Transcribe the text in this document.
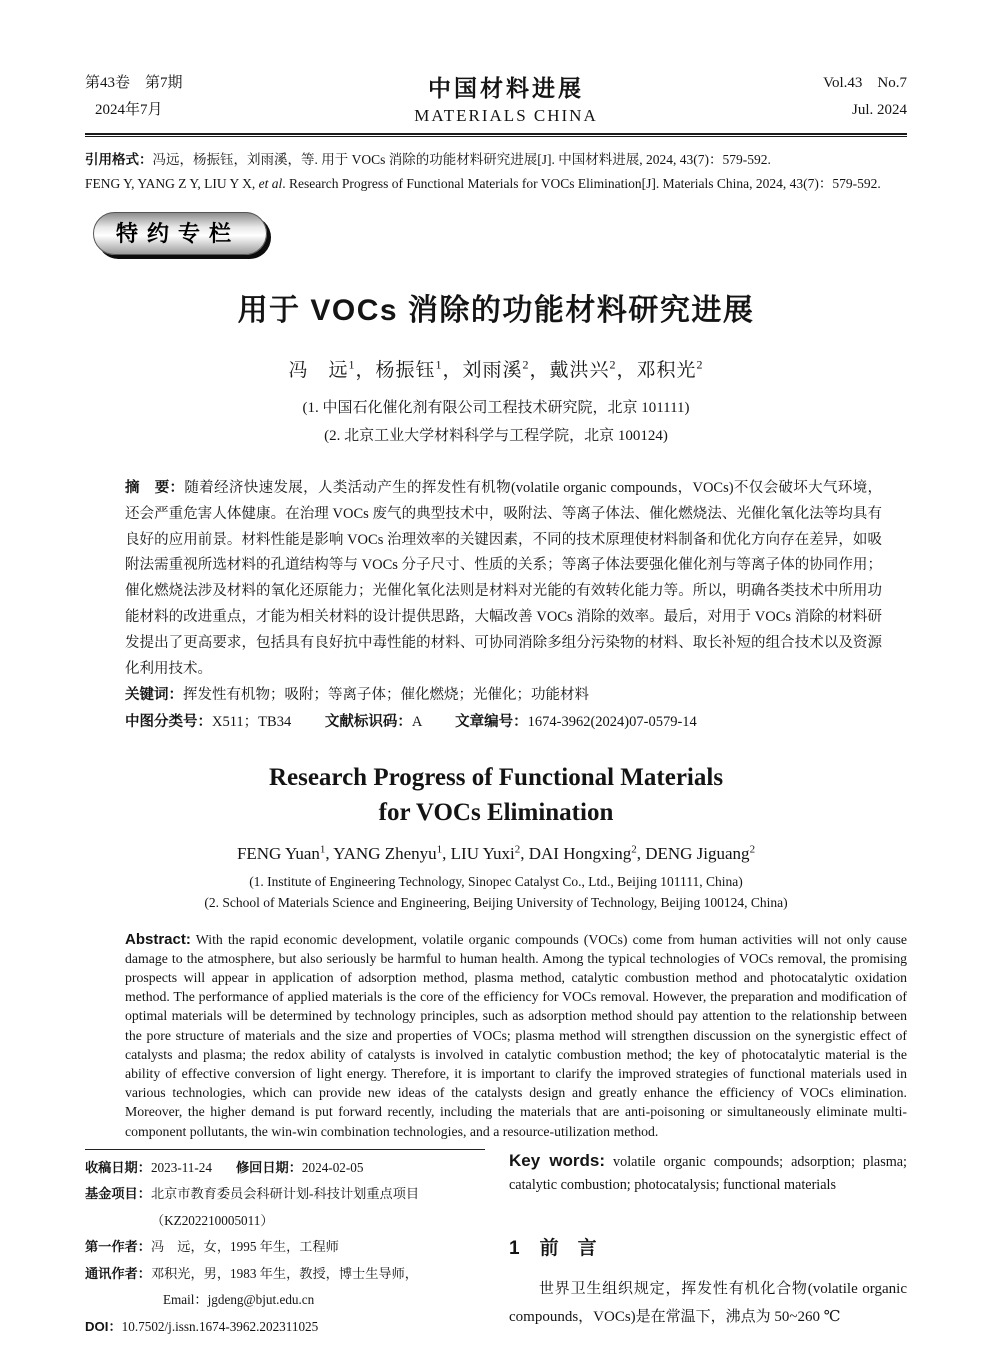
第43卷　第7期
2024年7月
中国材料进展
MATERIALS CHINA
Vol.43　No.7
Jul. 2024

引用格式：冯远，杨振钰，刘雨溪，等. 用于 VOCs 消除的功能材料研究进展[J]. 中国材料进展, 2024, 43(7)：579-592.

FENG Y, YANG Z Y, LIU Y X, et al. Research Progress of Functional Materials for VOCs Elimination[J]. Materials China, 2024, 43(7)：579-592.

特约专栏
用于 VOCs 消除的功能材料研究进展
冯　远$^1$，杨振钰$^1$，刘雨溪$^2$，戴洪兴$^2$，邓积光$^2$
(1. 中国石化催化剂有限公司工程技术研究院，北京 101111)
(2. 北京工业大学材料科学与工程学院，北京 100124)
摘　要：随着经济快速发展，人类活动产生的挥发性有机物(volatile organic compounds，VOCs)不仅会破坏大气环境，还会严重危害人体健康。在治理 VOCs 废气的典型技术中，吸附法、等离子体法、催化燃烧法、光催化氧化法等均具有良好的应用前景。材料性能是影响 VOCs 治理效率的关键因素，不同的技术原理使材料制备和优化方向存在差异，如吸附法需重视所选材料的孔道结构等与 VOCs 分子尺寸、性质的关系；等离子体法要强化催化剂与等离子体的协同作用；催化燃烧法涉及材料的氧化还原能力；光催化氧化法则是材料对光能的有效转化能力等。所以，明确各类技术中所用功能材料的改进重点，才能为相关材料的设计提供思路，大幅改善 VOCs 消除的效率。最后，对用于 VOCs 消除的材料研发提出了更高要求，包括具有良好抗中毒性能的材料、可协同消除多组分污染物的材料、取长补短的组合技术以及资源化利用技术。
关键词：挥发性有机物；吸附；等离子体；催化燃烧；光催化；功能材料
中图分类号：X511；TB34 文献标识码：A 文章编号：1674-3962(2024)07-0579-14
Research Progress of Functional Materials
for VOCs Elimination
FENG Yuan$^1$, YANG Zhenyu$^1$, LIU Yuxi$^2$, DAI Hongxing$^2$, DENG Jiguang$^2$
(1. Institute of Engineering Technology, Sinopec Catalyst Co., Ltd., Beijing 101111, China)
(2. School of Materials Science and Engineering, Beijing University of Technology, Beijing 100124, China)
Abstract: With the rapid economic development, volatile organic compounds (VOCs) come from human activities will not only cause damage to the atmosphere, but also seriously be harmful to human health. Among the typical technologies of VOCs removal, the promising prospects will appear in application of adsorption method, plasma method, catalytic combustion method and photocatalytic oxidation method. The performance of applied materials is the core of the efficiency for VOCs removal. However, the preparation and modification of optimal materials will be determined by technology principles, such as adsorption method should pay attention to the relationship between the pore structure of materials and the size and properties of VOCs; plasma method will strengthen discussion on the synergistic effect of catalysts and plasma; the redox ability of catalysts is involved in catalytic combustion method; the key of photocatalytic material is the ability of effective conversion of light energy. Therefore, it is important to clarify the improved strategies of functional materials used in various technologies, which can provide new ideas of the catalysts design and greatly enhance the efficiency of VOCs elimination. Moreover, the higher demand is put forward recently, including the materials that are anti-poisoning or simultaneously eliminate multi-component pollutants, the win-win combination technologies, and a resource-utilization method.
收稿日期： 2023-11-24 修回日期： 2024-02-05
基金项目： 北京市教育委员会科研计划-科技计划重点项目
（KZ202210005011）
第一作者： 冯　远，女，1995 年生，工程师
通讯作者： 邓积光，男，1983 年生，教授，博士生导师，
Email：jgdeng@bjut.edu.cn
DOI： 10.7502/j.issn.1674-3962.202311025
Key words: volatile organic compounds; adsorption; plasma; catalytic combustion; photocatalysis; functional materials
1 前　言

世界卫生组织规定，挥发性有机化合物(volatile organic compounds，VOCs)是在常温下，沸点为 50~260 ℃
